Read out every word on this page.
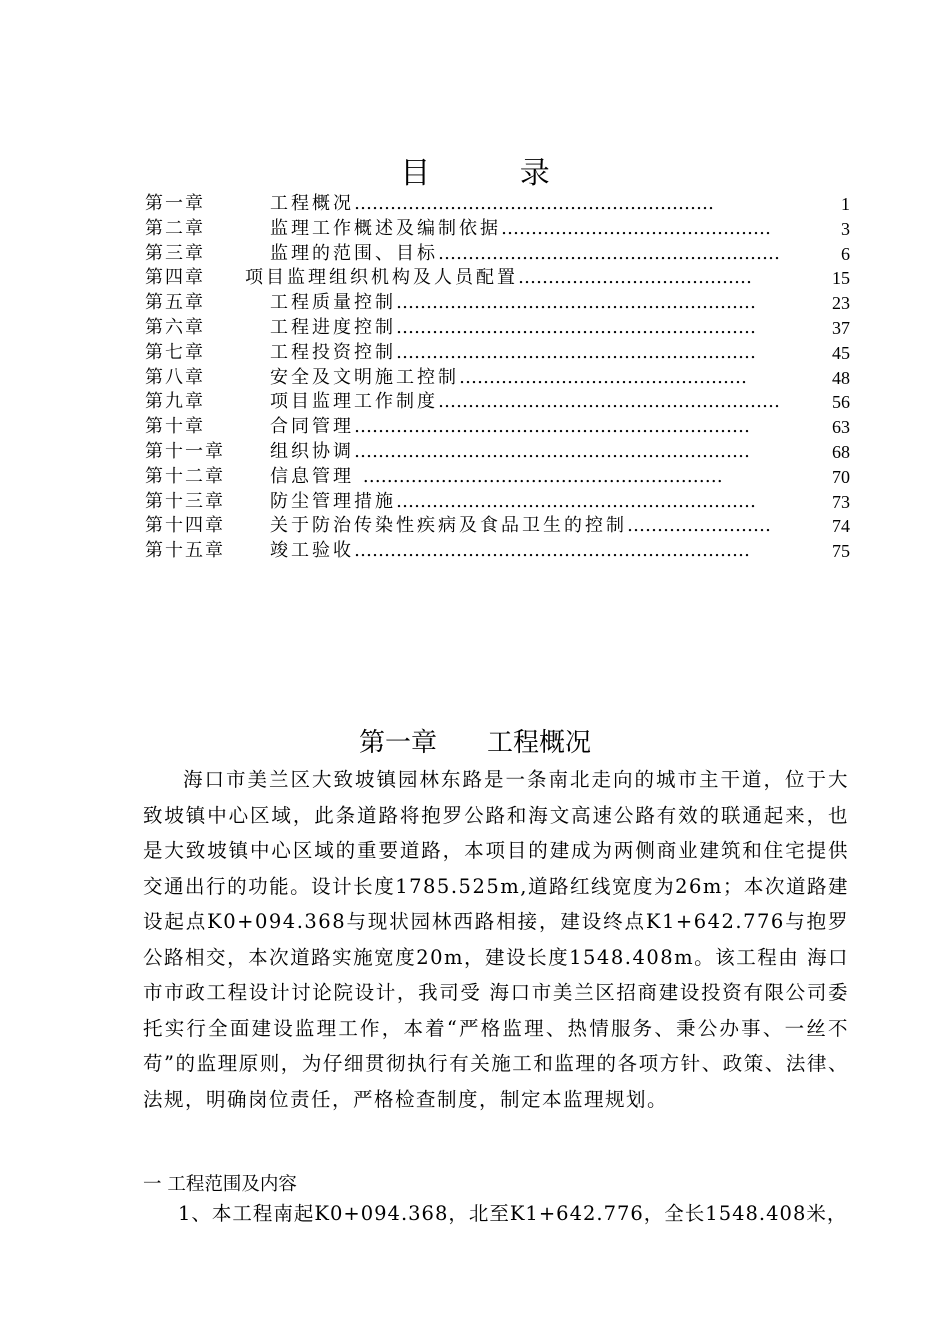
目 录
第一章	工程概况……………………………………………………	1
第二章	监理工作概述及编制依据………………………………………	3
第三章	监理的范围、目标…………………………………………………	6
第四章 项目监理组织机构及人员配置…………………………………	15
第五章	工程质量控制……………………………………………………	23
第六章	工程进度控制……………………………………………………	37
第七章	工程投资控制……………………………………………………	45
第八章	安全及文明施工控制…………………………………………	48
第九章	项目监理工作制度…………………………………………………	56
第十章	合同管理…………………………………………………………	63
第十一章	组织协调…………………………………………………………	68
第十二章	信息管理 ……………………………………………………	70
第十三章	防尘管理措施……………………………………………………	73
第十四章	关于防治传染性疾病及食品卫生的控制……………………	74
第十五章	竣工验收…………………………………………………………	75
第一章 工程概况

海口市美兰区大致坡镇园林东路是一条南北走向的城市主干道，位于大致坡镇中心区域，此条道路将抱罗公路和海文高速公路有效的联通起来，也是大致坡镇中心区域的重要道路，本项目的建成为两侧商业建筑和住宅提供交通出行的功能。设计长度1785.525m,道路红线宽度为26m；本次道路建设起点K0+094.368与现状园林西路相接，建设终点K1+642.776与抱罗公路相交，本次道路实施宽度20m，建设长度1548.408m。该工程由 海口市市政工程设计讨论院设计，我司受 海口市美兰区招商建设投资有限公司委托实行全面建设监理工作，本着“严格监理、热情服务、秉公办事、一丝不苟”的监理原则，为仔细贯彻执行有关施工和监理的各项方针、政策、法律、法规，明确岗位责任，严格检查制度，制定本监理规划。

一 工程范围及内容

1、本工程南起K0+094.368，北至K1+642.776，全长1548.408米，
